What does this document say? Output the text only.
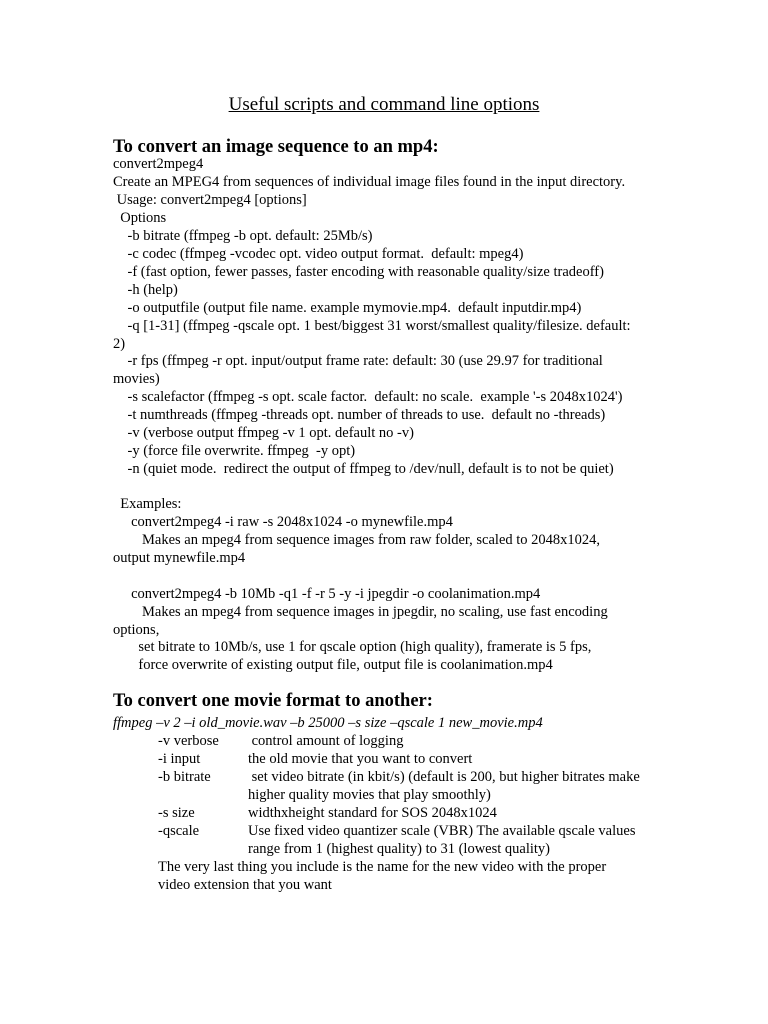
Useful scripts and command line options
To convert an image sequence to an mp4:
convert2mpeg4
Create an MPEG4 from sequences of individual image files found in the input directory.
Usage: convert2mpeg4 [options]
Options
-b bitrate (ffmpeg -b opt. default: 25Mb/s)
-c codec (ffmpeg -vcodec opt. video output format.  default: mpeg4)
-f (fast option, fewer passes, faster encoding with reasonable quality/size tradeoff)
-h (help)
-o outputfile (output file name. example mymovie.mp4.  default inputdir.mp4)
-q [1-31] (ffmpeg -qscale opt. 1 best/biggest 31 worst/smallest quality/filesize. default:
2)
-r fps (ffmpeg -r opt. input/output frame rate: default: 30 (use 29.97 for traditional
movies)
-s scalefactor (ffmpeg -s opt. scale factor.  default: no scale.  example '-s 2048x1024')
-t numthreads (ffmpeg -threads opt. number of threads to use.  default no -threads)
-v (verbose output ffmpeg -v 1 opt. default no -v)
-y (force file overwrite. ffmpeg  -y opt)
-n (quiet mode.  redirect the output of ffmpeg to /dev/null, default is to not be quiet)
Examples:
convert2mpeg4 -i raw -s 2048x1024 -o mynewfile.mp4
Makes an mpeg4 from sequence images from raw folder, scaled to 2048x1024,
output mynewfile.mp4
convert2mpeg4 -b 10Mb -q1 -f -r 5 -y -i jpegdir -o coolanimation.mp4
Makes an mpeg4 from sequence images in jpegdir, no scaling, use fast encoding
options,
set bitrate to 10Mb/s, use 1 for qscale option (high quality), framerate is 5 fps,
force overwrite of existing output file, output file is coolanimation.mp4
To convert one movie format to another:
ffmpeg –v 2 –i old_movie.wav –b 25000 –s size –qscale 1 new_movie.mp4
-v verbose control amount of logging
-i input	the old movie that you want to convert
-b bitrate	set video bitrate (in kbit/s) (default is 200, but higher bitrates make
higher quality movies that play smoothly)
-s size	widthxheight standard for SOS 2048x1024
-qscale	Use fixed video quantizer scale (VBR) The available qscale values
range from 1 (highest quality) to 31 (lowest quality)
The very last thing you include is the name for the new video with the proper
video extension that you want
